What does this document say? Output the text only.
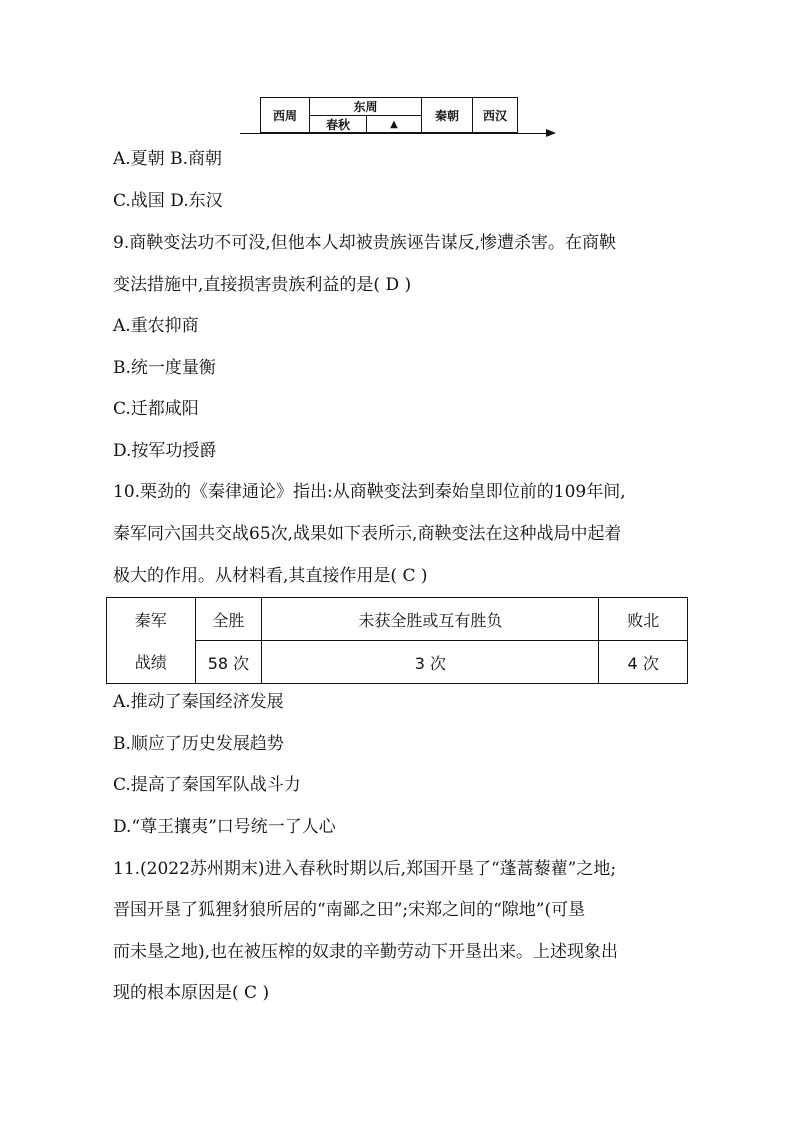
西周
东周
春秋	▲
秦朝	西汉
A.夏朝 B.商朝
C.战国 D.东汉
9.商鞅变法功不可没,但他本人却被贵族诬告谋反,惨遭杀害。在商鞅
变法措施中,直接损害贵族利益的是( D )
A.重农抑商
B.统一度量衡
C.迁都咸阳
D.按军功授爵
10.栗劲的《秦律通论》指出:从商鞅变法到秦始皇即位前的109年间,
秦军同六国共交战65次,战果如下表所示,商鞅变法在这种战局中起着
极大的作用。从材料看,其直接作用是( C )
秦军	全胜	未获全胜或互有胜负	败北
战绩	58 次	3 次	4 次
A.推动了秦国经济发展
B.顺应了历史发展趋势
C.提高了秦国军队战斗力
D.“尊王攘夷”口号统一了人心
11.(2022苏州期末)进入春秋时期以后,郑国开垦了“蓬蒿藜藋”之地;
晋国开垦了狐狸豺狼所居的“南鄙之田”;宋郑之间的“隙地”(可垦
而未垦之地),也在被压榨的奴隶的辛勤劳动下开垦出来。上述现象出
现的根本原因是( C )
